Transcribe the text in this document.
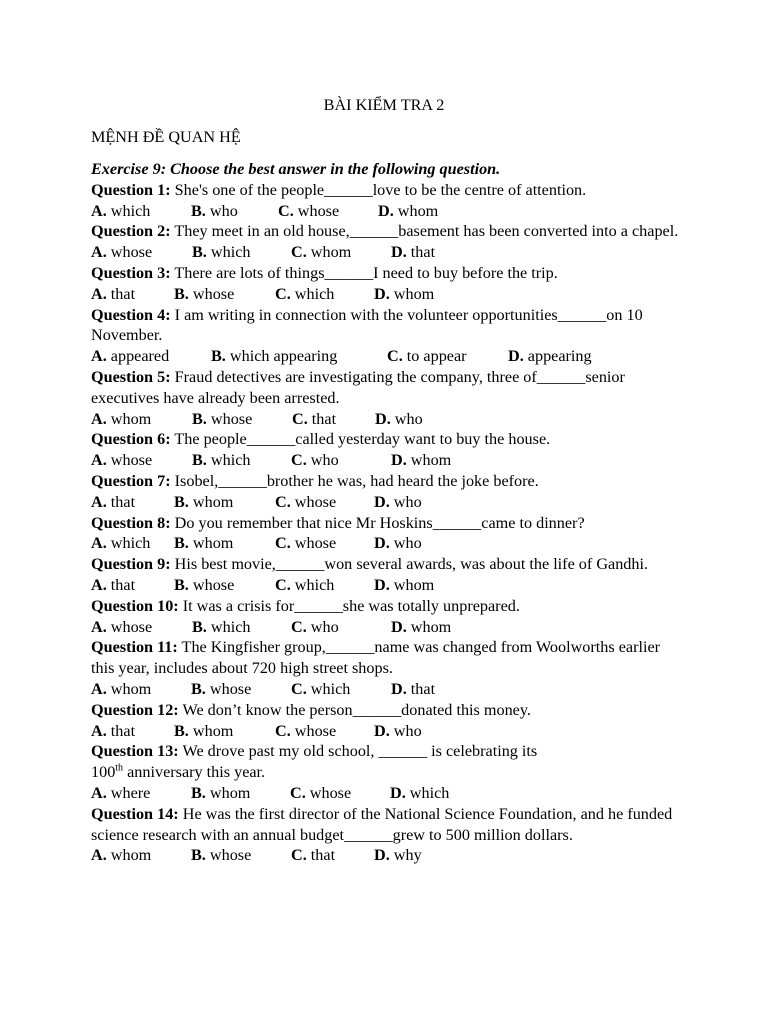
BÀI KIỂM TRA 2
MỆNH ĐỀ QUAN HỆ

Exercise 9: Choose the best answer in the following question.

Question 1: She's one of the people______love to be the centre of attention.

A. which	B. who	C. whose	D. whom

Question 2: They meet in an old house,______basement has been converted into a chapel.

A. whose	B. which	C. whom	D. that

Question 3: There are lots of things______I need to buy before the trip.

A. that	B. whose	C. which	D. whom

Question 4: I am writing in connection with the volunteer opportunities______on 10 November.

A. appeared	B. which appearing	C. to appear	D. appearing

Question 5: Fraud detectives are investigating the company, three of______senior executives have already been arrested.

A. whom	B. whose	C. that	D. who

Question 6: The people______called yesterday want to buy the house.

A. whose	B. which	C. who	D. whom

Question 7: Isobel,______brother he was, had heard the joke before.

A. that	B. whom	C. whose	D. who

Question 8: Do you remember that nice Mr Hoskins______came to dinner?

A. which	B. whom	C. whose	D. who

Question 9: His best movie,______won several awards, was about the life of Gandhi.

A. that	B. whose	C. which	D. whom

Question 10: It was a crisis for______she was totally unprepared.

A. whose	B. which	C. who	D. whom

Question 11: The Kingfisher group,______name was changed from Woolworths earlier this year, includes about 720 high street shops.

A. whom	B. whose	C. which	D. that

Question 12: We don’t know the person______donated this money.

A. that	B. whom	C. whose	D. who

Question 13: We drove past my old school, ______ is celebrating its
100th anniversary this year.

A. where	B. whom	C. whose	D. which

Question 14: He was the first director of the National Science Foundation, and he funded science research with an annual budget______grew to 500 million dollars.

A. whom	B. whose	C. that	D. why
